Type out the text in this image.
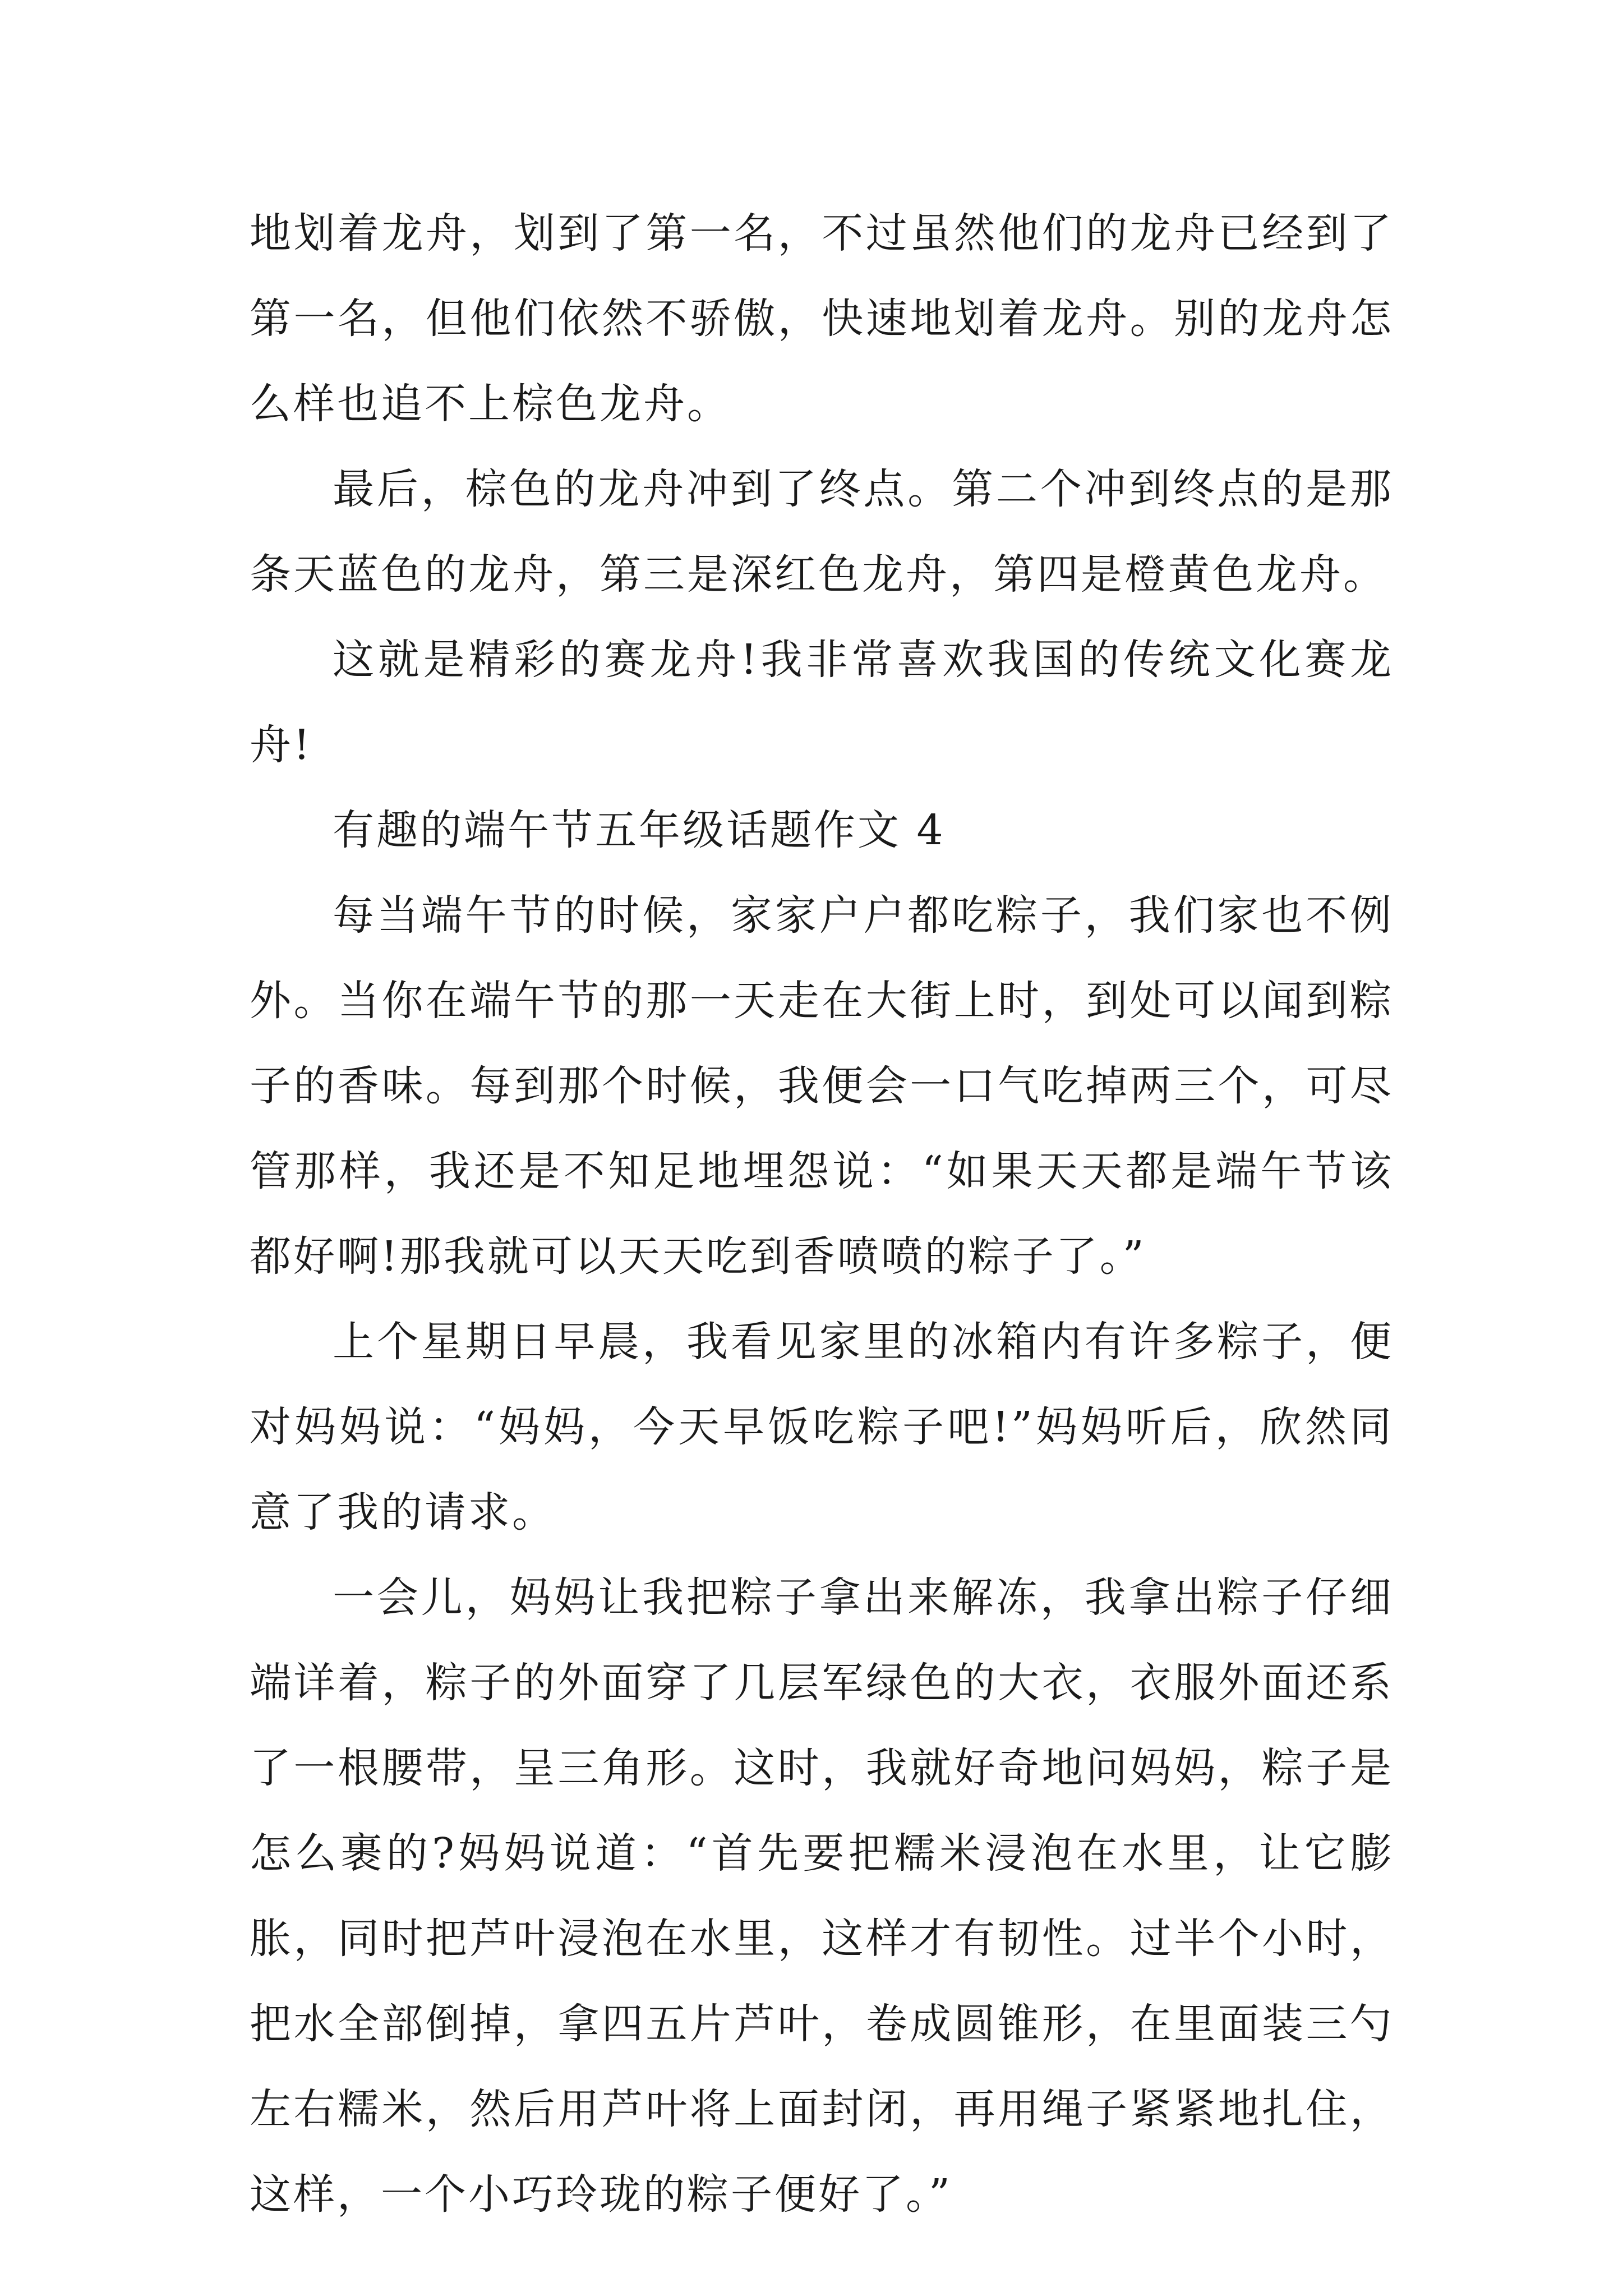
地划着龙舟，划到了第一名，不过虽然他们的龙舟已经到了第一名，但他们依然不骄傲，快速地划着龙舟。别的龙舟怎么样也追不上棕色龙舟。

最后，棕色的龙舟冲到了终点。第二个冲到终点的是那条天蓝色的龙舟，第三是深红色龙舟，第四是橙黄色龙舟。

这就是精彩的赛龙舟!我非常喜欢我国的传统文化赛龙舟!

有趣的端午节五年级话题作文 4

每当端午节的时候，家家户户都吃粽子，我们家也不例外。当你在端午节的那一天走在大街上时，到处可以闻到粽子的香味。每到那个时候，我便会一口气吃掉两三个，可尽管那样，我还是不知足地埋怨说：“如果天天都是端午节该都好啊!那我就可以天天吃到香喷喷的粽子了。”

上个星期日早晨，我看见家里的冰箱内有许多粽子，便对妈妈说：“妈妈，今天早饭吃粽子吧!”妈妈听后，欣然同意了我的请求。

一会儿，妈妈让我把粽子拿出来解冻，我拿出粽子仔细端详着，粽子的外面穿了几层军绿色的大衣，衣服外面还系了一根腰带，呈三角形。这时，我就好奇地问妈妈，粽子是怎么裹的?妈妈说道：“首先要把糯米浸泡在水里，让它膨胀，同时把芦叶浸泡在水里，这样才有韧性。过半个小时，把水全部倒掉，拿四五片芦叶，卷成圆锥形，在里面装三勺左右糯米，然后用芦叶将上面封闭，再用绳子紧紧地扎住，这样，一个小巧玲珑的粽子便好了。”
